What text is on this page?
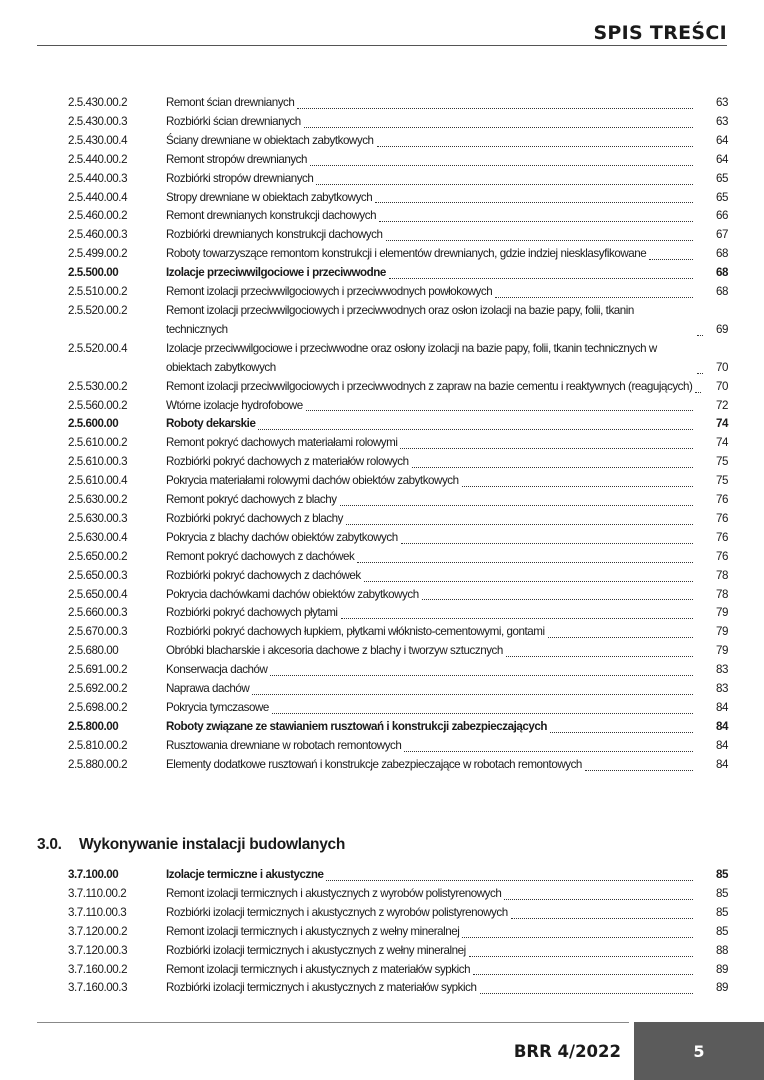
SPIS TREŚCI
2.5.430.00.2	Remont ścian drewnianych	63
2.5.430.00.3	Rozbiórki ścian drewnianych	63
2.5.430.00.4	Ściany drewniane w obiektach zabytkowych	64
2.5.440.00.2	Remont stropów drewnianych	64
2.5.440.00.3	Rozbiórki stropów drewnianych	65
2.5.440.00.4	Stropy drewniane w obiektach zabytkowych	65
2.5.460.00.2	Remont drewnianych konstrukcji dachowych	66
2.5.460.00.3	Rozbiórki drewnianych konstrukcji dachowych	67
2.5.499.00.2	Roboty towarzyszące remontom konstrukcji i elementów drewnianych, gdzie indziej niesklasyfikowane	68
2.5.500.00	Izolacje przeciwwilgociowe i przeciwwodne	68
2.5.510.00.2	Remont izolacji przeciwwilgociowych i przeciwwodnych powłokowych	68
2.5.520.00.2	Remont izolacji przeciwwilgociowych i przeciwwodnych oraz osłon izolacji na bazie papy, folii, tkanin technicznych	69
2.5.520.00.4	Izolacje przeciwwilgociowe i przeciwwodne oraz osłony izolacji na bazie papy, folii, tkanin technicznych w obiektach zabytkowych	70
2.5.530.00.2	Remont izolacji przeciwwilgociowych i przeciwwodnych z zapraw na bazie cementu i reaktywnych (reagujących)	70
2.5.560.00.2	Wtórne izolacje hydrofobowe	72
2.5.600.00	Roboty dekarskie	74
2.5.610.00.2	Remont pokryć dachowych materiałami rolowymi	74
2.5.610.00.3	Rozbiórki pokryć dachowych z materiałów rolowych	75
2.5.610.00.4	Pokrycia materiałami rolowymi dachów obiektów zabytkowych	75
2.5.630.00.2	Remont pokryć dachowych z blachy	76
2.5.630.00.3	Rozbiórki pokryć dachowych z blachy	76
2.5.630.00.4	Pokrycia z blachy dachów obiektów zabytkowych	76
2.5.650.00.2	Remont pokryć dachowych z dachówek	76
2.5.650.00.3	Rozbiórki pokryć dachowych z dachówek	78
2.5.650.00.4	Pokrycia dachówkami dachów obiektów zabytkowych	78
2.5.660.00.3	Rozbiórki pokryć dachowych płytami	79
2.5.670.00.3	Rozbiórki pokryć dachowych łupkiem, płytkami włóknisto-cementowymi, gontami	79
2.5.680.00	Obróbki blacharskie i akcesoria dachowe z blachy i tworzyw sztucznych	79
2.5.691.00.2	Konserwacja dachów	83
2.5.692.00.2	Naprawa dachów	83
2.5.698.00.2	Pokrycia tymczasowe	84
2.5.800.00	Roboty związane ze stawianiem rusztowań i konstrukcji zabezpieczających	84
2.5.810.00.2	Rusztowania drewniane w robotach remontowych	84
2.5.880.00.2	Elementy dodatkowe rusztowań i konstrukcje zabezpieczające w robotach remontowych	84
3.0. Wykonywanie instalacji budowlanych
3.7.100.00	Izolacje termiczne i akustyczne	85
3.7.110.00.2	Remont izolacji termicznych i akustycznych z wyrobów polistyrenowych	85
3.7.110.00.3	Rozbiórki izolacji termicznych i akustycznych z wyrobów polistyrenowych	85
3.7.120.00.2	Remont izolacji termicznych i akustycznych z wełny mineralnej	85
3.7.120.00.3	Rozbiórki izolacji termicznych i akustycznych z wełny mineralnej	88
3.7.160.00.2	Remont izolacji termicznych i akustycznych z materiałów sypkich	89
3.7.160.00.3	Rozbiórki izolacji termicznych i akustycznych z materiałów sypkich	89
BRR 4/2022	5
